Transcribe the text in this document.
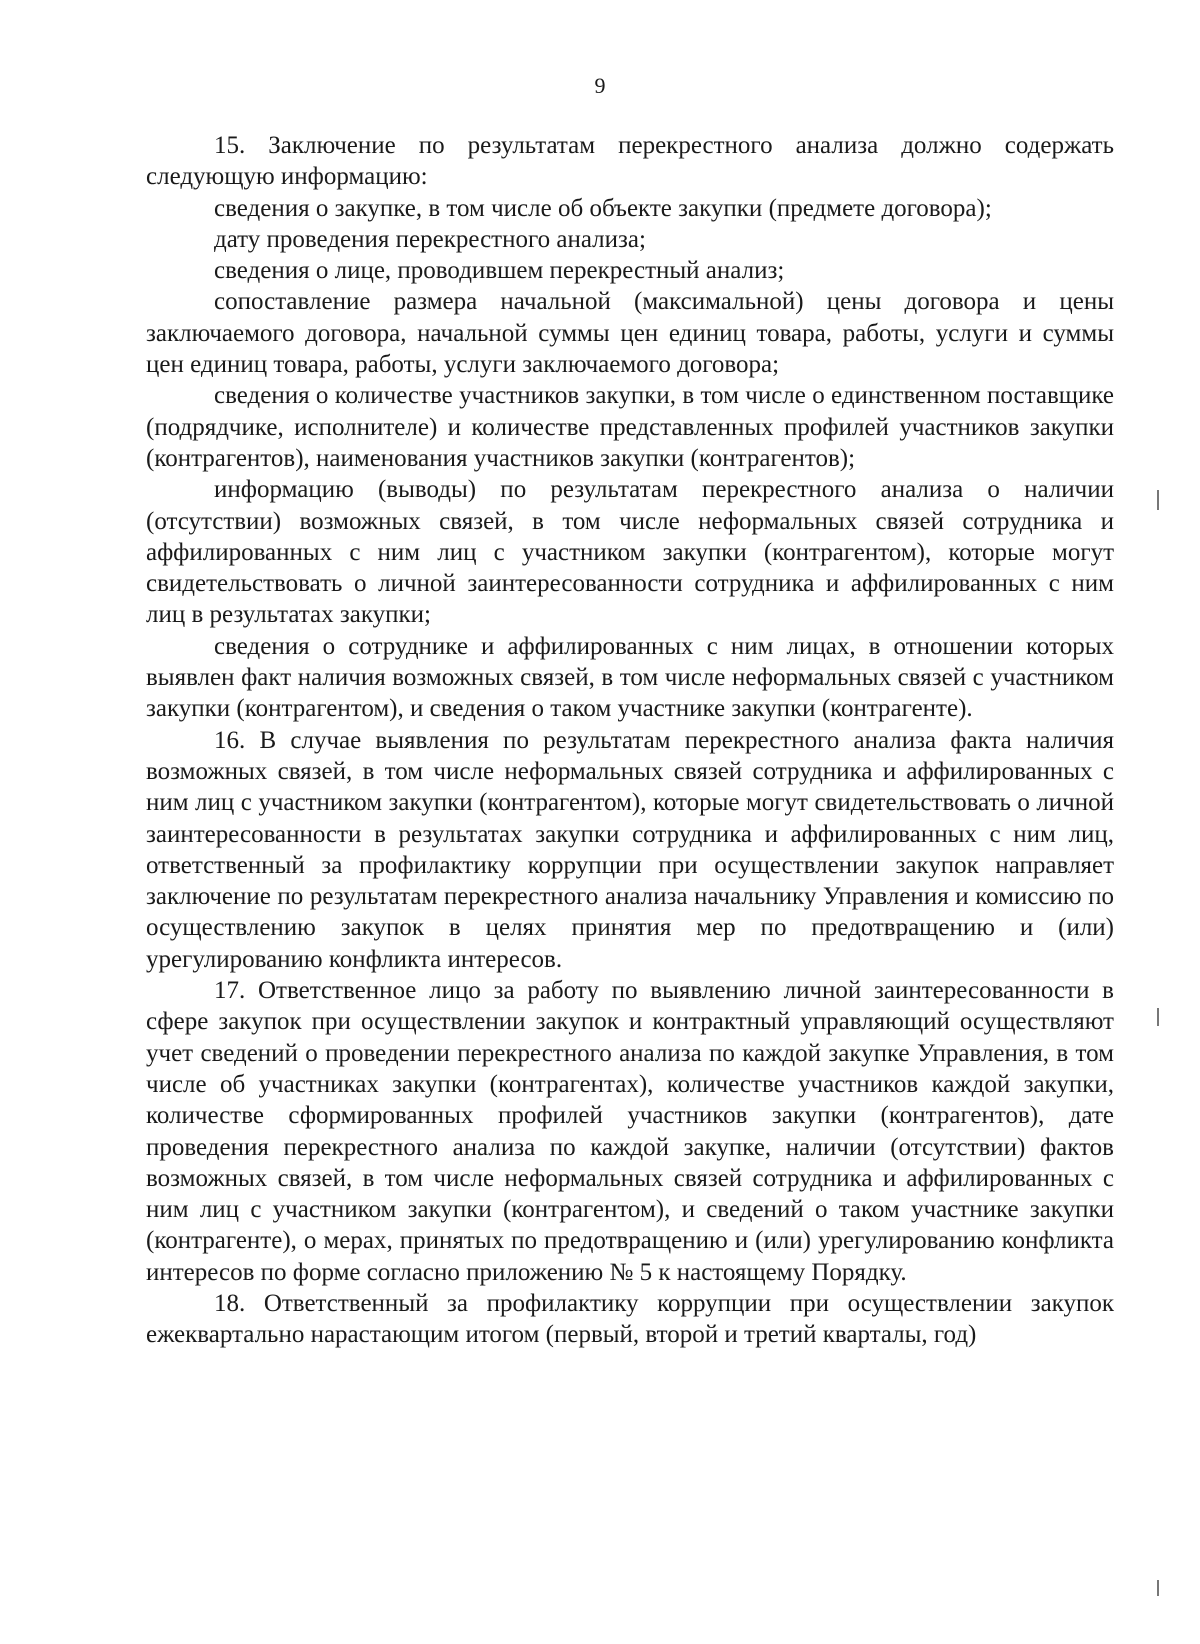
9

15. Заключение по результатам перекрестного анализа должно содержать следующую информацию:

сведения о закупке, в том числе об объекте закупки (предмете договора);

дату проведения перекрестного анализа;

сведения о лице, проводившем перекрестный анализ;

сопоставление размера начальной (максимальной) цены договора и цены заключаемого договора, начальной суммы цен единиц товара, работы, услуги и суммы цен единиц товара, работы, услуги заключаемого договора;

сведения о количестве участников закупки, в том числе о единственном поставщике (подрядчике, исполнителе) и количестве представленных профилей участников закупки (контрагентов), наименования участников закупки (контрагентов);

информацию (выводы) по результатам перекрестного анализа о наличии (отсутствии) возможных связей, в том числе неформальных связей сотрудника и аффилированных с ним лиц с участником закупки (контрагентом), которые могут свидетельствовать о личной заинтересованности сотрудника и аффилированных с ним лиц в результатах закупки;

сведения о сотруднике и аффилированных с ним лицах, в отношении которых выявлен факт наличия возможных связей, в том числе неформальных связей с участником закупки (контрагентом), и сведения о таком участнике закупки (контрагенте).

16. В случае выявления по результатам перекрестного анализа факта наличия возможных связей, в том числе неформальных связей сотрудника и аффилированных с ним лиц с участником закупки (контрагентом), которые могут свидетельствовать о личной заинтересованности в результатах закупки сотрудника и аффилированных с ним лиц, ответственный за профилактику коррупции при осуществлении закупок направляет заключение по результатам перекрестного анализа начальнику Управления и комиссию по осуществлению закупок в целях принятия мер по предотвращению и (или) урегулированию конфликта интересов.

17. Ответственное лицо за работу по выявлению личной заинтересованности в сфере закупок при осуществлении закупок и контрактный управляющий осуществляют учет сведений о проведении перекрестного анализа по каждой закупке Управления, в том числе об участниках закупки (контрагентах), количестве участников каждой закупки, количестве сформированных профилей участников закупки (контрагентов), дате проведения перекрестного анализа по каждой закупке, наличии (отсутствии) фактов возможных связей, в том числе неформальных связей сотрудника и аффилированных с ним лиц с участником закупки (контрагентом), и сведений о таком участнике закупки (контрагенте), о мерах, принятых по предотвращению и (или) урегулированию конфликта интересов по форме согласно приложению № 5 к настоящему Порядку.

18. Ответственный за профилактику коррупции при осуществлении закупок ежеквартально нарастающим итогом (первый, второй и третий кварталы, год)
